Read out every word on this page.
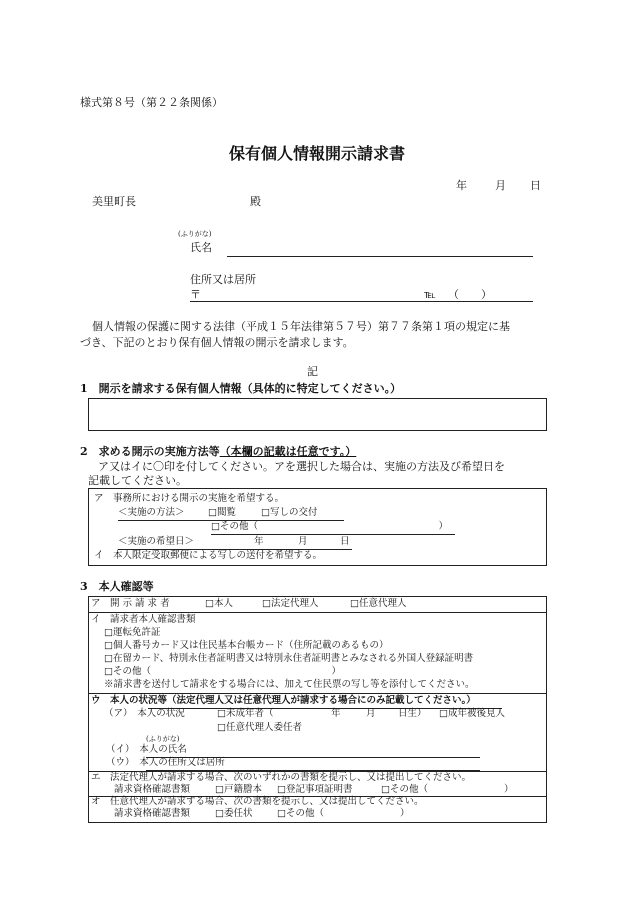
様式第８号（第２２条関係）
保有個人情報開示請求書
年	月 日
美里町長	殿
(ふりがな)
氏名
住所又は居所
〒	℡ （　　）
個人情報の保護に関する法律（平成１５年法律第５７号）第７７条第１項の規定に基
づき、下記のとおり保有個人情報の開示を請求します。
記
1　開示を請求する保有個人情報（具体的に特定してください。）
2　求める開示の実施方法等（本欄の記載は任意です。）
ア又はイに〇印を付してください。アを選択した場合は、実施の方法及び希望日を
記載してください。
ア　事務所における開示の実施を希望する。
＜実施の方法＞ □閲覧	□写しの交付
□その他（　　　　　　　　　　　　　　　　　　　）
＜実施の希望日＞	年	月	日
イ　本人限定受取郵便による写しの送付を希望する。
3　本人確認等
ア　開 示 請 求 者	□本人	□法定代理人	□任意代理人
イ　請求者本人確認書類
□運転免許証
□個人番号カード又は住民基本台帳カード（住所記載のあるもの）
□在留カード、特別永住者証明書又は特別永住者証明書とみなされる外国人登録証明書
□その他（　　　　　　　　　　　　　　　　　　　）
※請求書を送付して請求をする場合には、加えて住民票の写し等を添付してください。
ウ　本人の状況等（法定代理人又は任意代理人が請求する場合にのみ記載してください。）
（ア）　本人の状況	□未成年者（	年	月 日生） □成年被後見人
□任意代理人委任者
(ふりがな)
（イ）　本人の氏名
（ウ）　本人の住所又は居所
エ　法定代理人が請求する場合、次のいずれかの書類を提示し、又は提出してください。
請求資格確認書類	□戸籍謄本 □登記事項証明書	□その他（　　　　　　　　）
オ　任意代理人が請求する場合、次の書類を提示し、又は提出してください。
請求資格確認書類	□委任状	□その他（　　　　　　　　）
